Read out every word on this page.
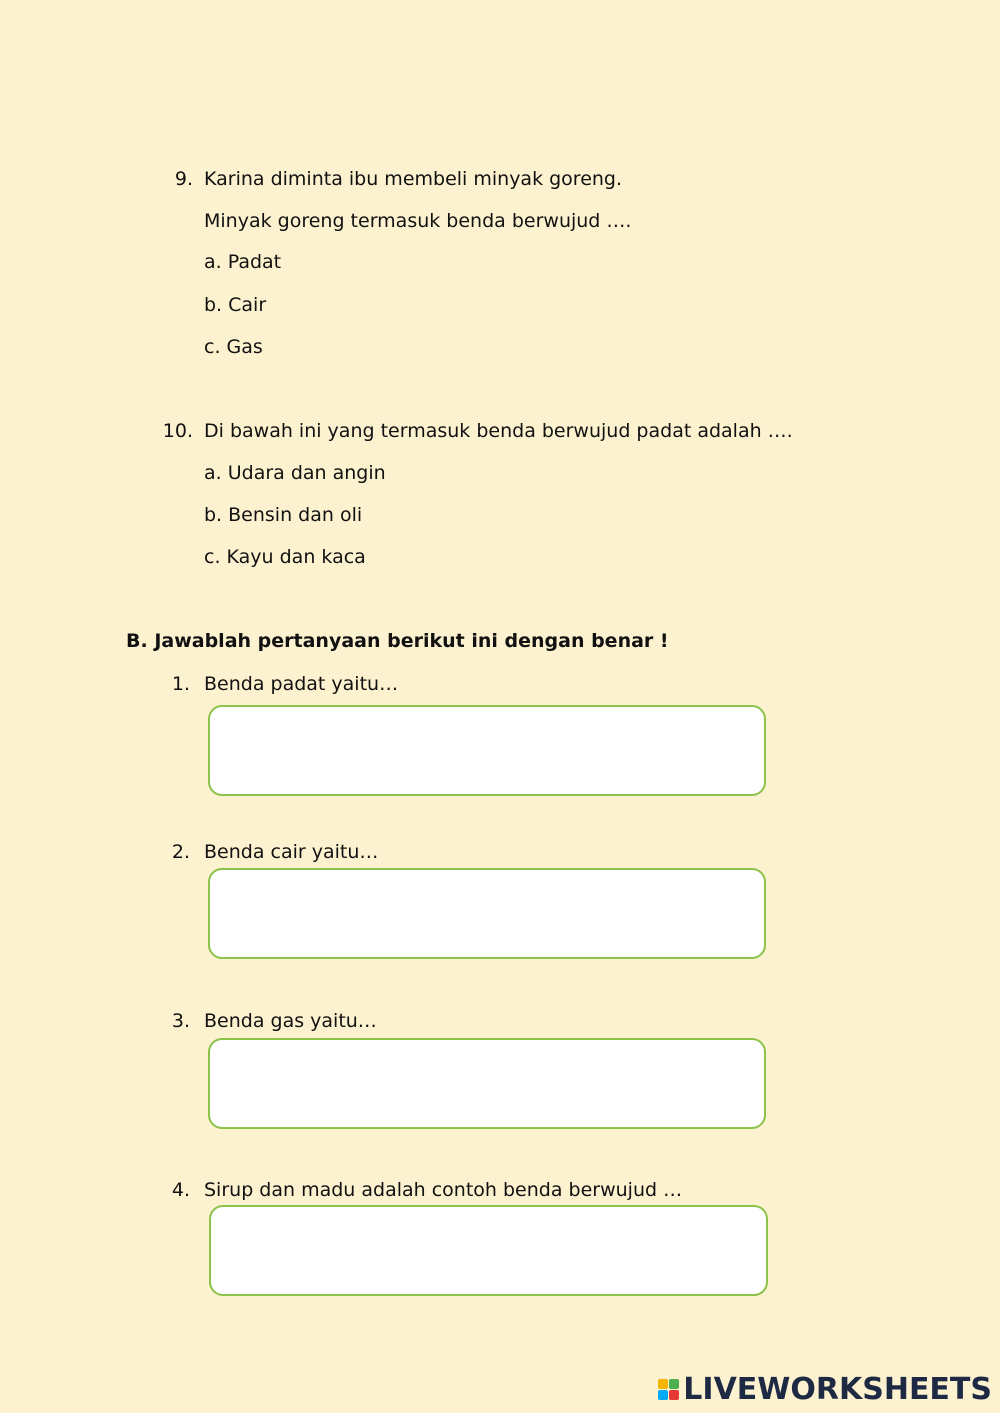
9. Karina diminta ibu membeli minyak goreng.
Minyak goreng termasuk benda berwujud ….
a. Padat
b. Cair
c. Gas
10. Di bawah ini yang termasuk benda berwujud padat adalah ….
a. Udara dan angin
b. Bensin dan oli
c. Kayu dan kaca
B. Jawablah pertanyaan berikut ini dengan benar !
1. Benda padat yaitu…
2. Benda cair yaitu…
3. Benda gas yaitu…
4. Sirup dan madu adalah contoh benda berwujud …
LIVEWORKSHEETS
